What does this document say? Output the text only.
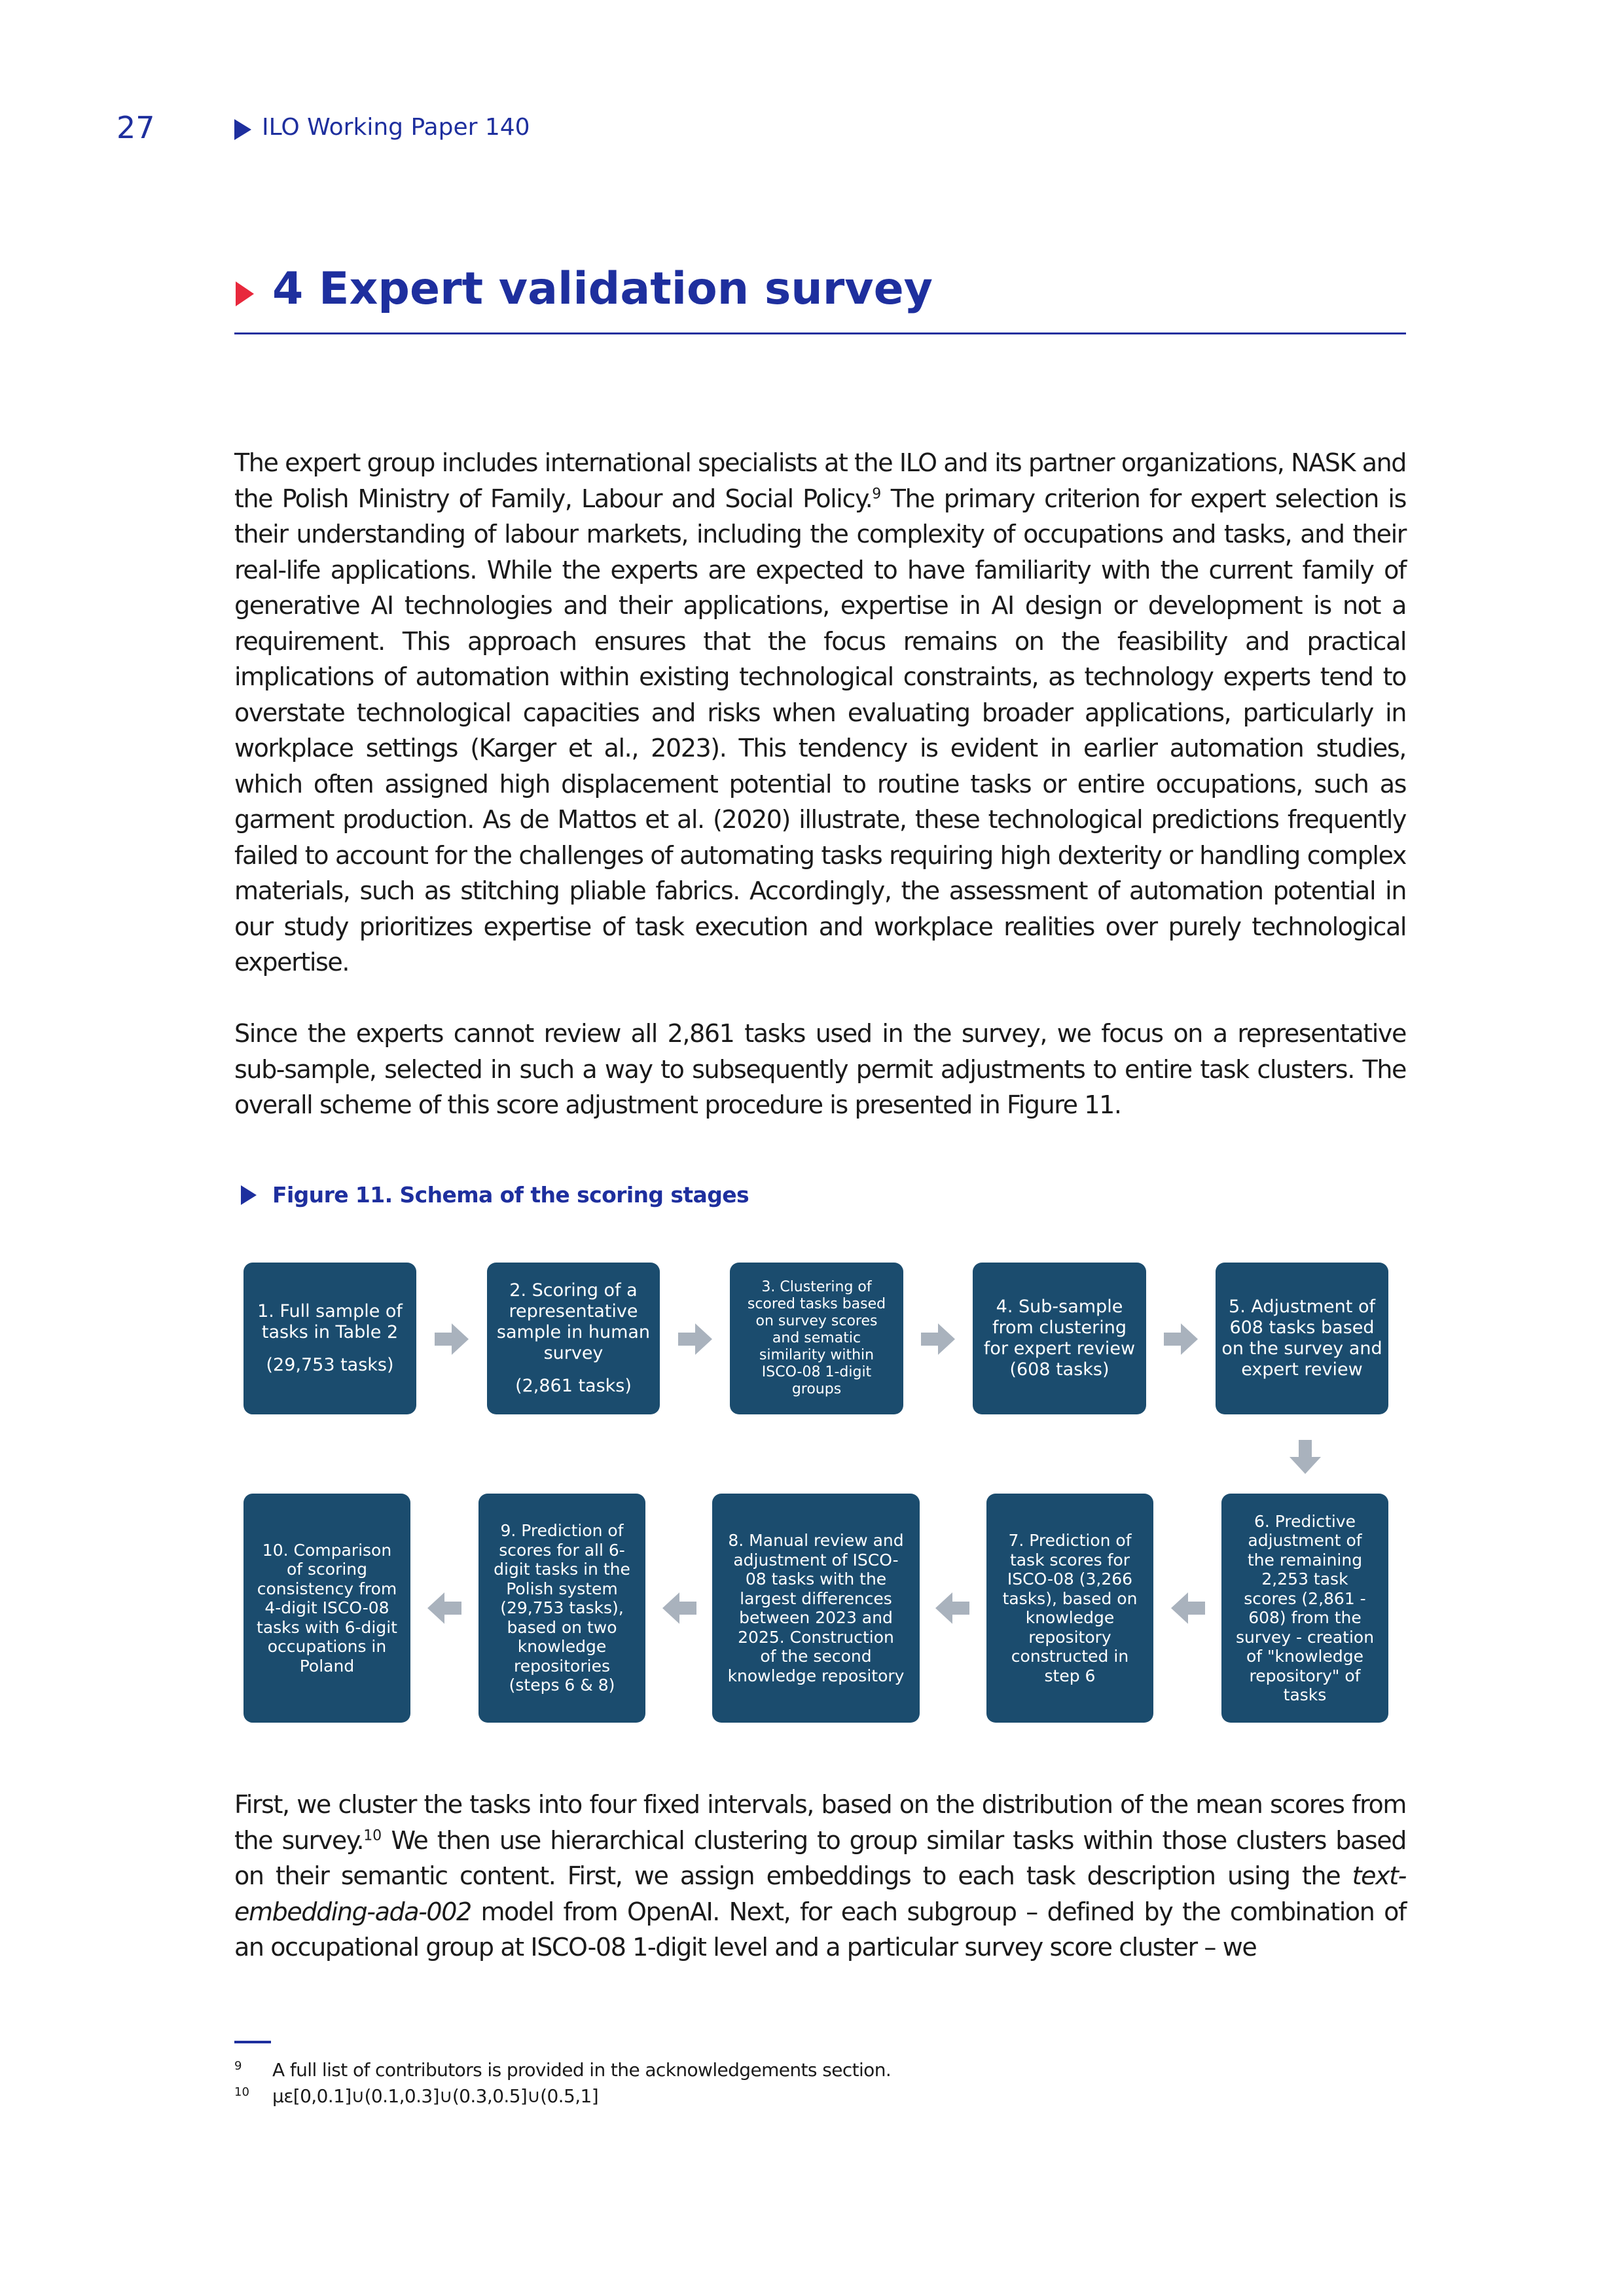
27	ILO Working Paper 140
4 Expert validation survey

The expert group includes international specialists at the ILO and its partner organizations, NASK and the Polish Ministry of Family, Labour and Social Policy.$^9$ The primary criterion for expert selection is their understanding of labour markets, including the complexity of occupations and tasks, and their real-life applications. While the experts are expected to have familiarity with the current family of generative AI technologies and their applications, expertise in AI design or development is not a requirement. This approach ensures that the focus remains on the feasibility and practical implications of automation within existing technological constraints, as technology experts tend to overstate technological capacities and risks when evaluating broader applications, particularly in workplace settings (Karger et al., 2023). This tendency is evident in earlier automation studies, which often assigned high displacement potential to routine tasks or entire occupations, such as garment production. As de Mattos et al. (2020) illustrate, these technological predictions frequently failed to account for the challenges of automating tasks requiring high dexterity or handling complex materials, such as stitching pliable fabrics. Accordingly, the assessment of automation potential in our study prioritizes expertise of task execution and workplace realities over purely technological expertise.

Since the experts cannot review all 2,861 tasks used in the survey, we focus on a representative sub-sample, selected in such a way to subsequently permit adjustments to entire task clusters. The overall scheme of this score adjustment procedure is presented in Figure 11.

Figure 11. Schema of the scoring stages
1. Full sample of
tasks in Table 2
(29,753 tasks)
2. Scoring of a
representative
sample in human
survey
(2,861 tasks)
3. Clustering of
scored tasks based
on survey scores
and sematic
similarity within
ISCO-08 1-digit
groups
4. Sub-sample
from clustering
for expert review
(608 tasks)
5. Adjustment of
608 tasks based
on the survey and
expert review
6. Predictive
adjustment of
the remaining
2,253 task
scores (2,861 -
608) from the
survey - creation
of "knowledge
repository" of
tasks
7. Prediction of
task scores for
ISCO-08 (3,266
tasks), based on
knowledge
repository
constructed in
step 6
8. Manual review and
adjustment of ISCO-
08 tasks with the
largest differences
between 2023 and
2025. Construction
of the second
knowledge repository
9. Prediction of
scores for all 6-
digit tasks in the
Polish system
(29,753 tasks),
based on two
knowledge
repositories
(steps 6 & 8)
10. Comparison
of scoring
consistency from
4-digit ISCO-08
tasks with 6-digit
occupations in
Poland

First, we cluster the tasks into four fixed intervals, based on the distribution of the mean scores from the survey.$^{10}$ We then use hierarchical clustering to group similar tasks within those clusters based on their semantic content. First, we assign embeddings to each task description using the text-embedding-ada-002 model from OpenAI. Next, for each subgroup – defined by the combination of an occupational group at ISCO-08 1-digit level and a particular survey score cluster – we

9 A full list of contributors is provided in the acknowledgements section.
10 με[0,0.1]∪(0.1,0.3]∪(0.3,0.5]∪(0.5,1]
